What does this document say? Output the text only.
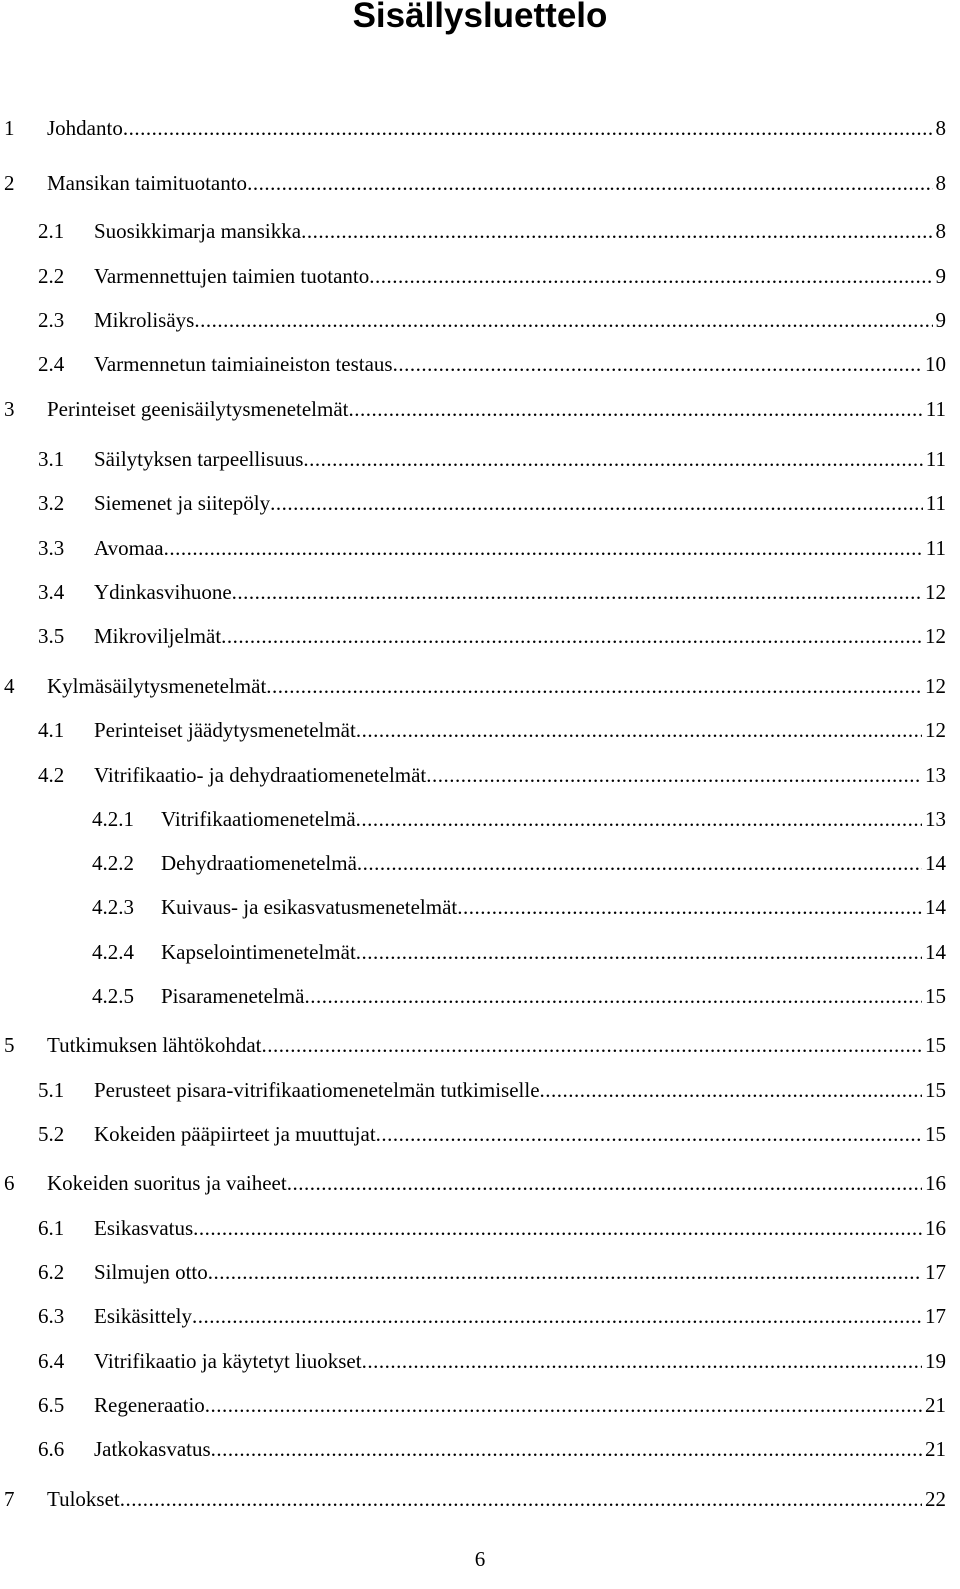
Sisällysluettelo
1 Johdanto .....	8
2 Mansikan taimituotanto .....	8
2.1 Suosikkimarja mansikka .....	8
2.2 Varmennettujen taimien tuotanto .....	9
2.3 Mikrolisäys .....	9
2.4 Varmennetun taimiaineiston testaus .....	10
3 Perinteiset geenisäilytysmenetelmät .....	11
3.1 Säilytyksen tarpeellisuus .....	11
3.2 Siemenet ja siitepöly .....	11
3.3 Avomaa .....	11
3.4 Ydinkasvihuone .....	12
3.5 Mikroviljelmät .....	12
4 Kylmäsäilytysmenetelmät .....	12
4.1 Perinteiset jäädytysmenetelmät .....	12
4.2 Vitrifikaatio- ja dehydraatiomenetelmät .....	13
4.2.1 Vitrifikaatiomenetelmä .....	13
4.2.2 Dehydraatiomenetelmä .....	14
4.2.3 Kuivaus- ja esikasvatusmenetelmät .....	14
4.2.4 Kapselointimenetelmät .....	14
4.2.5 Pisaramenetelmä .....	15
5 Tutkimuksen lähtökohdat .....	15
5.1 Perusteet pisara-vitrifikaatiomenetelmän tutkimiselle .....	15
5.2 Kokeiden pääpiirteet ja muuttujat .....	15
6 Kokeiden suoritus ja vaiheet .....	16
6.1 Esikasvatus .....	16
6.2 Silmujen otto .....	17
6.3 Esikäsittely .....	17
6.4 Vitrifikaatio ja käytetyt liuokset .....	19
6.5 Regeneraatio .....	21
6.6 Jatkokasvatus .....	21
7 Tulokset .....	22
6
